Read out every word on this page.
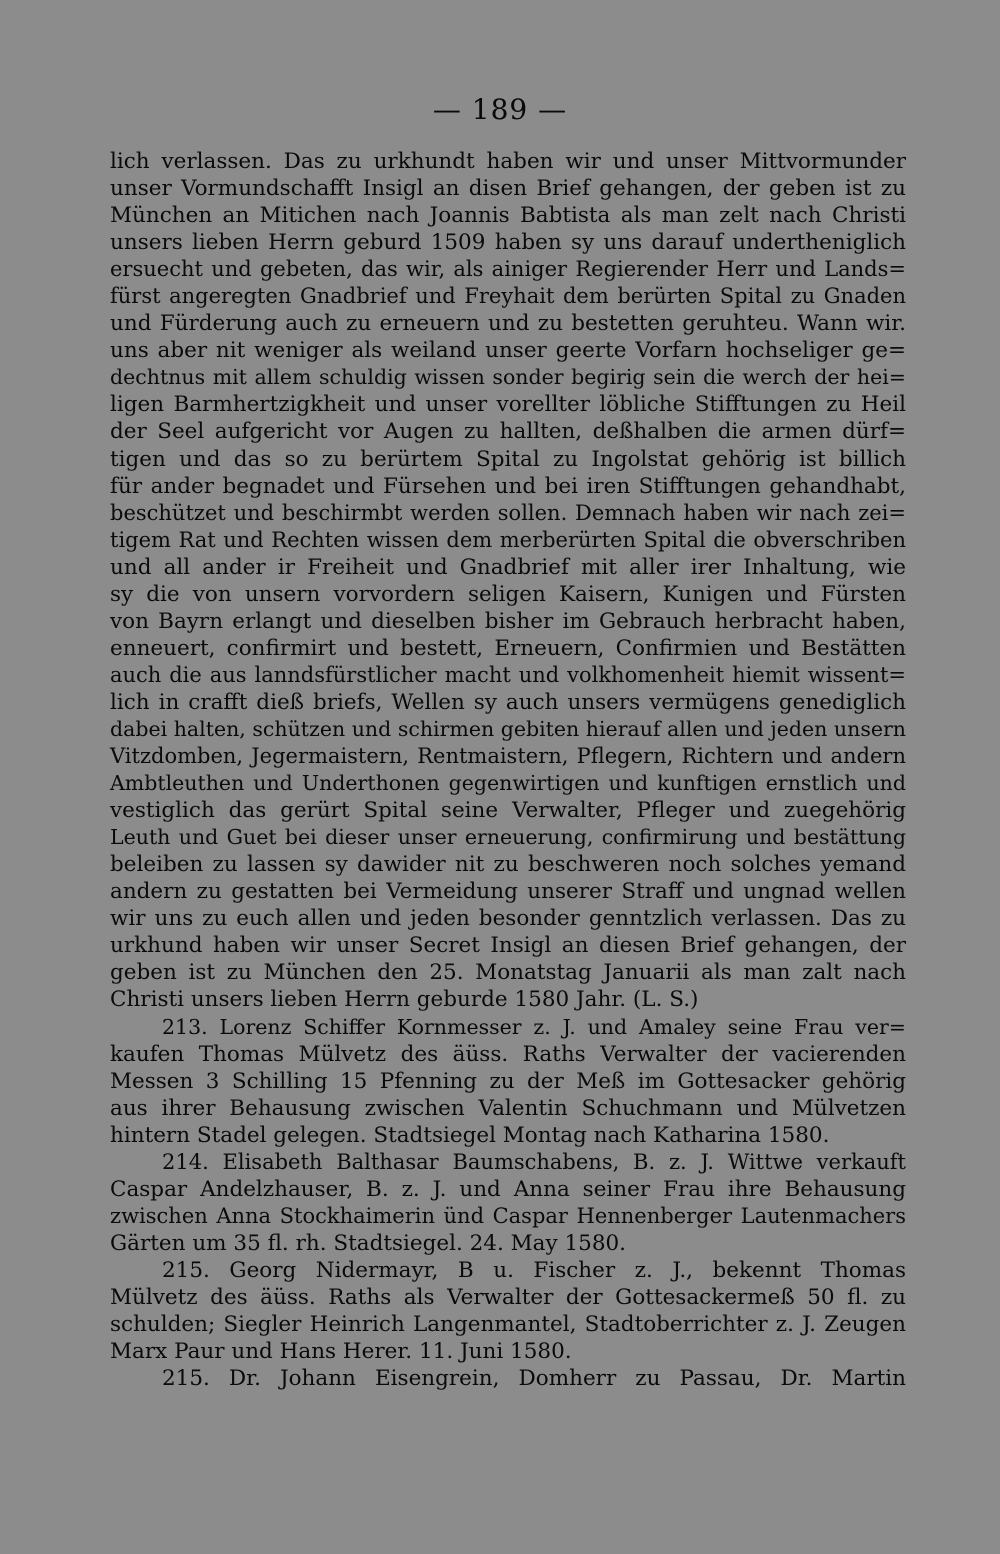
— 189 —
lich verlassen. Das zu urkhundt haben wir und unser Mittvormunder
unser Vormundschafft Insigl an disen Brief gehangen, der geben ist zu
München an Mitichen nach Joannis Babtista als man zelt nach Christi
unsers lieben Herrn geburd 1509 haben sy uns darauf undertheniglich
ersuecht und gebeten, das wir, als ainiger Regierender Herr und Lands=
fürst angeregten Gnadbrief und Freyhait dem berürten Spital zu Gnaden
und Fürderung auch zu erneuern und zu bestetten geruhteu. Wann wir.
uns aber nit weniger als weiland unser geerte Vorfarn hochseliger ge=
dechtnus mit allem schuldig wissen sonder begirig sein die werch der hei=
ligen Barmhertzigkheit und unser vorellter löbliche Stifftungen zu Heil
der Seel aufgericht vor Augen zu hallten, deßhalben die armen dürf=
tigen und das so zu berürtem Spital zu Ingolstat gehörig ist billich
für ander begnadet und Fürsehen und bei iren Stifftungen gehandhabt,
beschützet und beschirmbt werden sollen. Demnach haben wir nach zei=
tigem Rat und Rechten wissen dem merberürten Spital die obverschriben
und all ander ir Freiheit und Gnadbrief mit aller irer Inhaltung, wie
sy die von unsern vorvordern seligen Kaisern, Kunigen und Fürsten
von Bayrn erlangt und dieselben bisher im Gebrauch herbracht haben,
enneuert, confirmirt und bestett, Erneuern, Confirmien und Bestätten
auch die aus lanndsfürstlicher macht und volkhomenheit hiemit wissent=
lich in crafft dieß briefs, Wellen sy auch unsers vermügens genediglich
dabei halten, schützen und schirmen gebiten hierauf allen und jeden unsern
Vitzdomben, Jegermaistern, Rentmaistern, Pflegern, Richtern und andern
Ambtleuthen und Underthonen gegenwirtigen und kunftigen ernstlich und
vestiglich das gerürt Spital seine Verwalter, Pfleger und zuegehörig
Leuth und Guet bei dieser unser erneuerung, confirmirung und bestättung
beleiben zu lassen sy dawider nit zu beschweren noch solches yemand
andern zu gestatten bei Vermeidung unserer Straff und ungnad wellen
wir uns zu euch allen und jeden besonder genntzlich verlassen. Das zu
urkhund haben wir unser Secret Insigl an diesen Brief gehangen, der
geben ist zu München den 25. Monatstag Januarii als man zalt nach
Christi unsers lieben Herrn geburde 1580 Jahr. (L. S.)
213. Lorenz Schiffer Kornmesser z. J. und Amaley seine Frau ver=
kaufen Thomas Mülvetz des äüss. Raths Verwalter der vacierenden
Messen 3 Schilling 15 Pfenning zu der Meß im Gottesacker gehörig
aus ihrer Behausung zwischen Valentin Schuchmann und Mülvetzen
hintern Stadel gelegen. Stadtsiegel Montag nach Katharina 1580.
214. Elisabeth Balthasar Baumschabens, B. z. J. Wittwe verkauft
Caspar Andelzhauser, B. z. J. und Anna seiner Frau ihre Behausung
zwischen Anna Stockhaimerin ünd Caspar Hennenberger Lautenmachers
Gärten um 35 fl. rh. Stadtsiegel. 24. May 1580.
215. Georg Nidermayr, B u. Fischer z. J., bekennt Thomas
Mülvetz des äüss. Raths als Verwalter der Gottesackermeß 50 fl. zu
schulden; Siegler Heinrich Langenmantel, Stadtoberrichter z. J. Zeugen
Marx Paur und Hans Herer. 11. Juni 1580.
215. Dr. Johann Eisengrein, Domherr zu Passau, Dr. Martin
